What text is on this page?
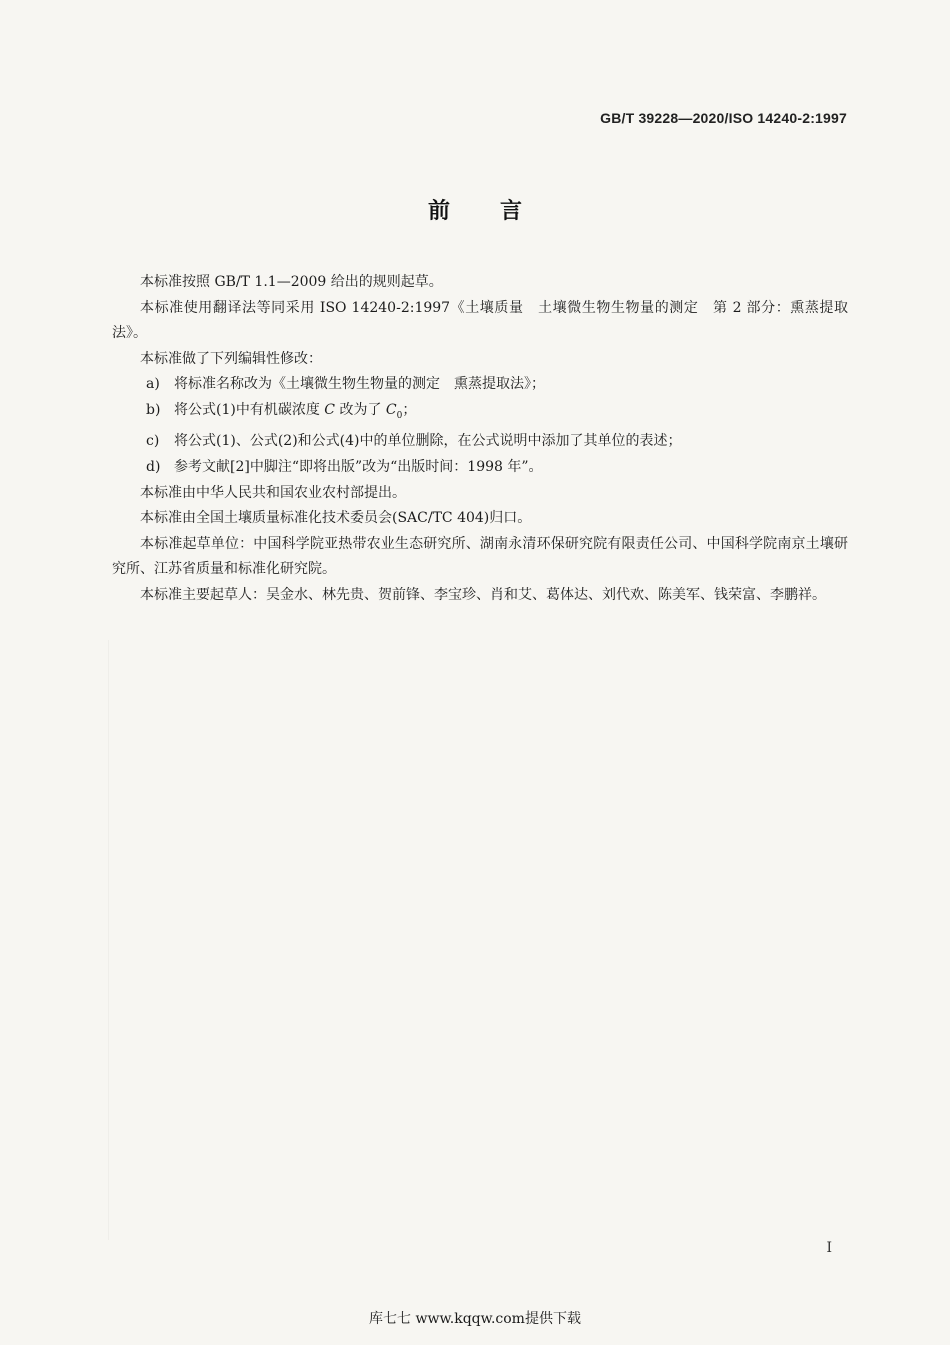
GB/T 39228—2020/ISO 14240-2:1997
前 言

本标准按照 GB/T 1.1—2009 给出的规则起草。

本标准使用翻译法等同采用 ISO 14240-2:1997《土壤质量　土壤微生物生物量的测定　第 2 部分：熏蒸提取法》。

本标准做了下列编辑性修改：

a) 将标准名称改为《土壤微生物生物量的测定　熏蒸提取法》；

b) 将公式(1)中有机碳浓度 C 改为了 $C_0$；

c) 将公式(1)、公式(2)和公式(4)中的单位删除，在公式说明中添加了其单位的表述；

d) 参考文献[2]中脚注“即将出版”改为“出版时间：1998 年”。

本标准由中华人民共和国农业农村部提出。

本标准由全国土壤质量标准化技术委员会(SAC/TC 404)归口。

本标准起草单位：中国科学院亚热带农业生态研究所、湖南永清环保研究院有限责任公司、中国科学院南京土壤研究所、江苏省质量和标准化研究院。

本标准主要起草人：吴金水、林先贵、贺前锋、李宝珍、肖和艾、葛体达、刘代欢、陈美军、钱荣富、李鹏祥。

I
库七七 www.kqqw.com提供下载
